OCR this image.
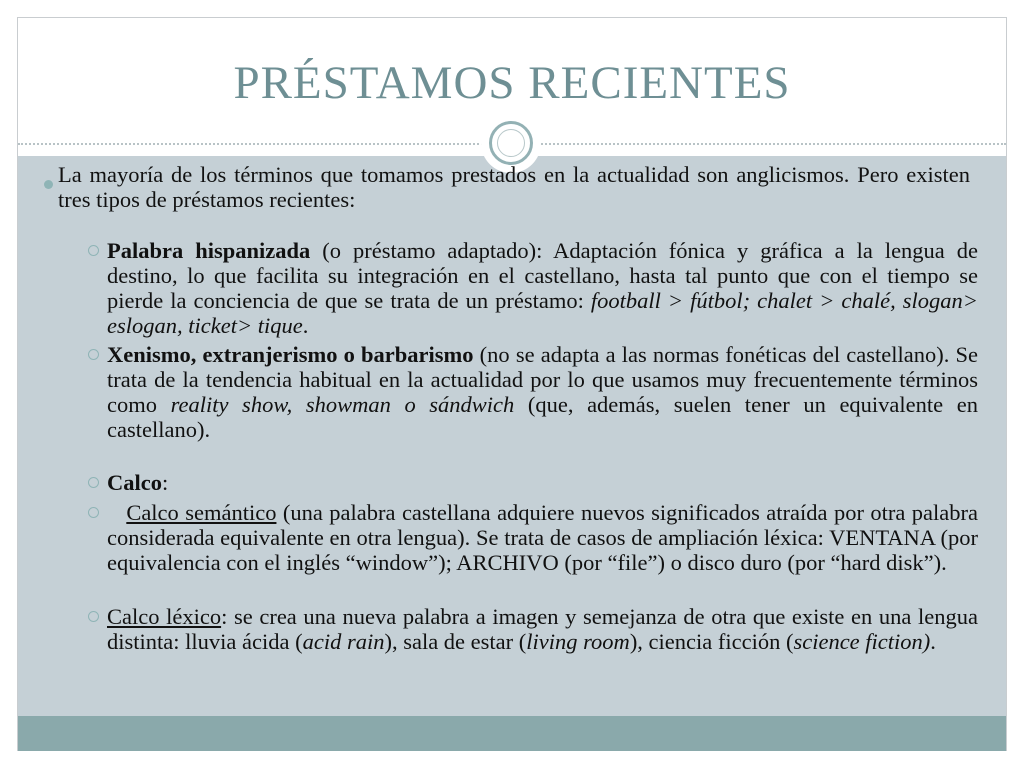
PRÉSTAMOS RECIENTES
La mayoría de los términos que tomamos prestados en la actualidad son anglicismos. Pero existen tres tipos de préstamos recientes:
Palabra hispanizada (o préstamo adaptado): Adaptación fónica y gráfica a la lengua de destino, lo que facilita su integración en el castellano, hasta tal punto que con el tiempo se pierde la conciencia de que se trata de un préstamo: football > fútbol; chalet > chalé, slogan> eslogan, ticket> tique.
Xenismo, extranjerismo o barbarismo (no se adapta a las normas fonéticas del castellano). Se trata de la tendencia habitual en la actualidad por lo que usamos muy frecuentemente términos como reality show, showman o sándwich (que, además, suelen tener un equivalente en castellano).
Calco:
Calco semántico (una palabra castellana adquiere nuevos significados atraída por otra palabra considerada equivalente en otra lengua). Se trata de casos de ampliación léxica: VENTANA (por equivalencia con el inglés “window”); ARCHIVO (por “file”) o disco duro (por “hard disk”).
Calco léxico: se crea una nueva palabra a imagen y semejanza de otra que existe en una lengua distinta: lluvia ácida (acid rain), sala de estar (living room), ciencia ficción (science fiction).
